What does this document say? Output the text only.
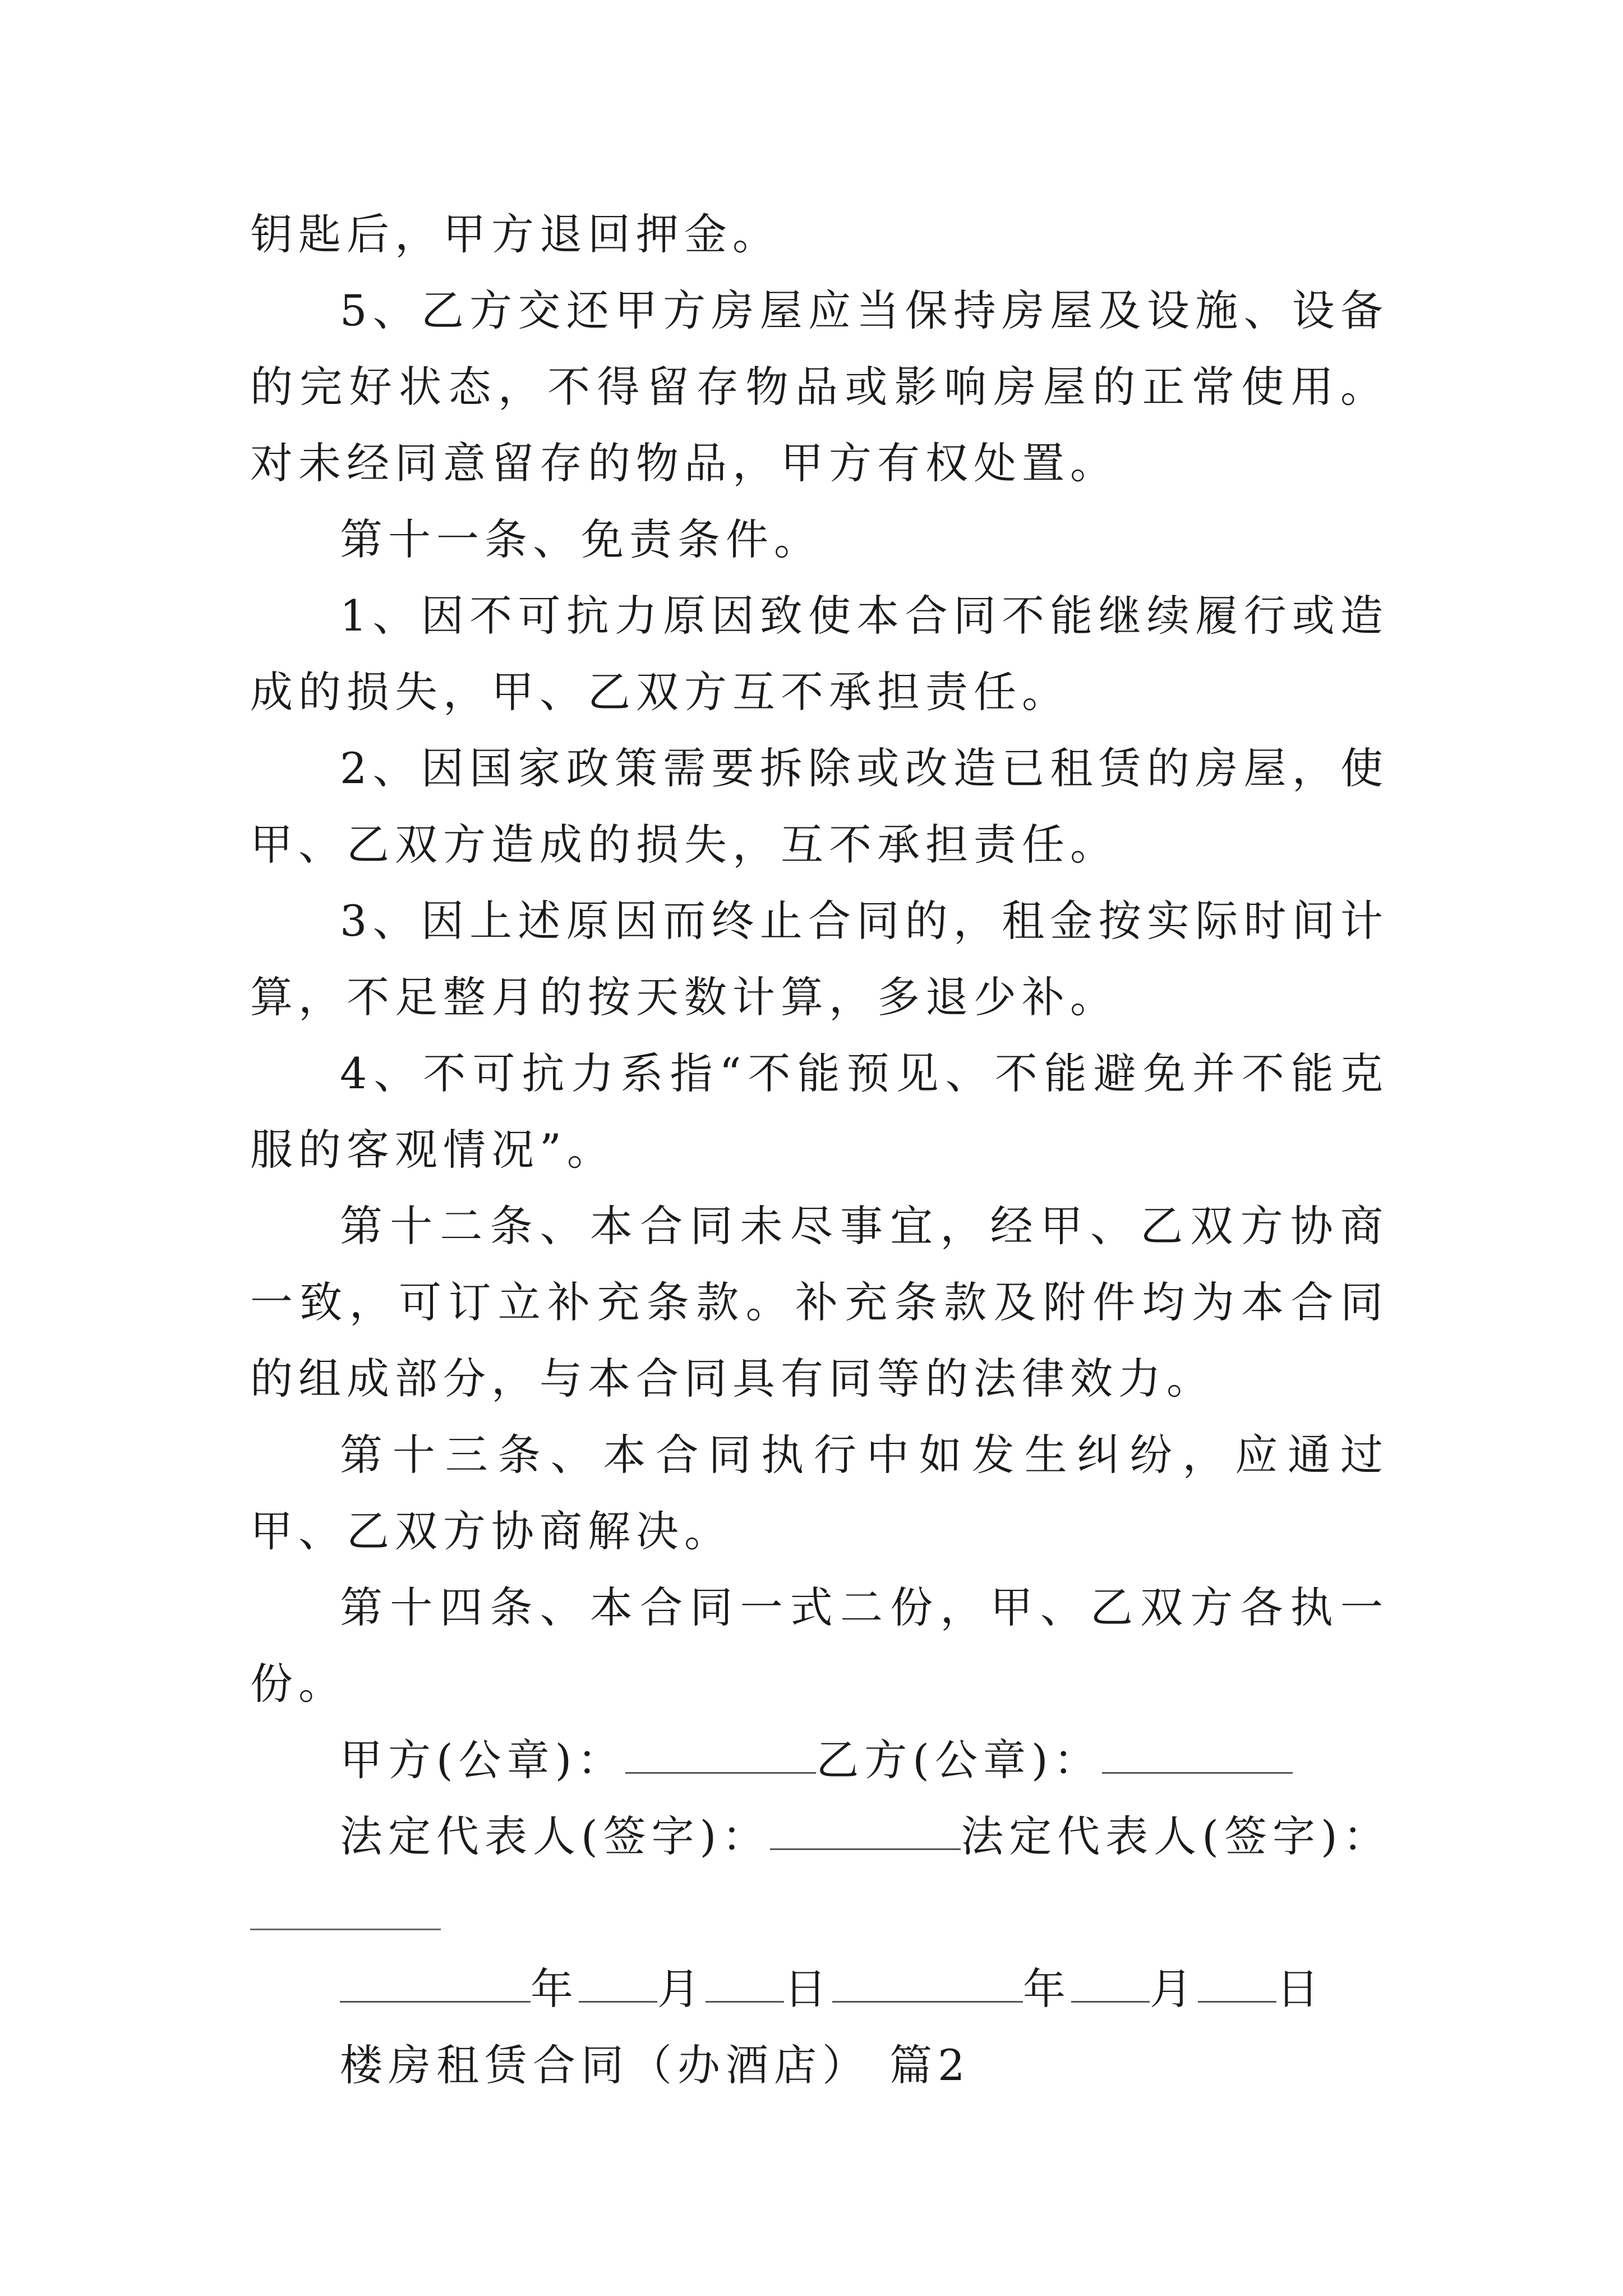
钥匙后，甲方退回押金。

5、乙方交还甲方房屋应当保持房屋及设施、设备的完好状态，不得留存物品或影响房屋的正常使用。对未经同意留存的物品，甲方有权处置。

第十一条、免责条件。

1、因不可抗力原因致使本合同不能继续履行或造成的损失，甲、乙双方互不承担责任。

2、因国家政策需要拆除或改造已租赁的房屋，使甲、乙双方造成的损失，互不承担责任。

3、因上述原因而终止合同的，租金按实际时间计算，不足整月的按天数计算，多退少补。

4、不可抗力系指“不能预见、不能避免并不能克服的客观情况”。

第十二条、本合同未尽事宜，经甲、乙双方协商一致，可订立补充条款。补充条款及附件均为本合同的组成部分，与本合同具有同等的法律效力。

第十三条、本合同执行中如发生纠纷，应通过甲、乙双方协商解决。

第十四条、本合同一式二份，甲、乙双方各执一份。

甲方(公章)：	乙方(公章)：

法定代表人(签字)：	法定代表人(签字)：

年 月 日	年 月 日

楼房租赁合同（办酒店） 篇2
